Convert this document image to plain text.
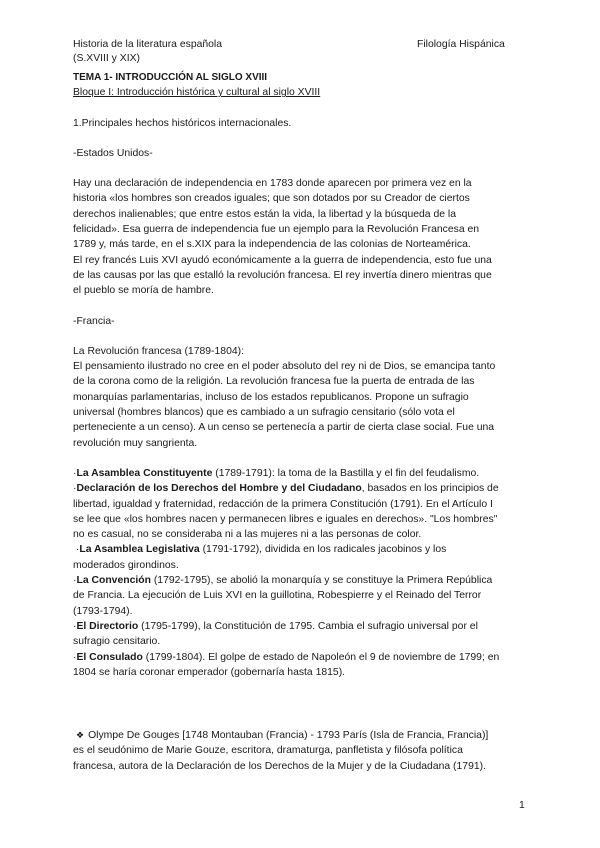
Historia de la literatura española
(S.XVIII y XIX)
Filología Hispánica

TEMA 1- INTRODUCCIÓN AL SIGLO XVIII

Bloque I: Introducción histórica y cultural al siglo XVIII

1.Principales hechos históricos internacionales.

-Estados Unidos-

Hay una declaración de independencia en 1783 donde aparecen por primera vez en la

historia «los hombres son creados iguales; que son dotados por su Creador de ciertos

derechos inalienables; que entre estos están la vida, la libertad y la búsqueda de la

felicidad». Esa guerra de independencia fue un ejemplo para la Revolución Francesa en

1789 y, más tarde, en el s.XIX para la independencia de las colonias de Norteamérica.

El rey francés Luis XVI ayudó económicamente a la guerra de independencia, esto fue una

de las causas por las que estalló la revolución francesa. El rey invertía dinero mientras que

el pueblo se moría de hambre.

-Francia-

La Revolución francesa (1789-1804):

El pensamiento ilustrado no cree en el poder absoluto del rey ni de Dios, se emancipa tanto

de la corona como de la religión. La revolución francesa fue la puerta de entrada de las

monarquías parlamentarias, incluso de los estados republicanos. Propone un sufragio

universal (hombres blancos) que es cambiado a un sufragio censitario (sólo vota el

perteneciente a un censo). A un censo se pertenecía a partir de cierta clase social. Fue una

revolución muy sangrienta.

·La Asamblea Constituyente (1789-1791): la toma de la Bastilla y el fin del feudalismo.

·Declaración de los Derechos del Hombre y del Ciudadano, basados en los principios de

libertad, igualdad y fraternidad, redacción de la primera Constitución (1791). En el Artículo I

se lee que «los hombres nacen y permanecen libres e iguales en derechos». "Los hombres"

no es casual, no se consideraba ni a las mujeres ni a las personas de color.

·La Asamblea Legislativa (1791-1792), dividida en los radicales jacobinos y los

moderados girondinos.

·La Convención (1792-1795), se abolió la monarquía y se constituye la Primera República

de Francia. La ejecución de Luis XVI en la guillotina, Robespierre y el Reinado del Terror

(1793-1794).

·El Directorio (1795-1799), la Constitución de 1795. Cambia el sufragio universal por el

sufragio censitario.

·El Consulado (1799-1804). El golpe de estado de Napoleón el 9 de noviembre de 1799; en

1804 se haría coronar emperador (gobernaría hasta 1815).

❖ Olympe De Gouges [1748 Montauban (Francia) - 1793 París (Isla de Francia, Francia)]

es el seudónimo de Marie Gouze, escritora, dramaturga, panfletista y filósofa política

francesa, autora de la Declaración de los Derechos de la Mujer y de la Ciudadana (1791).

1
